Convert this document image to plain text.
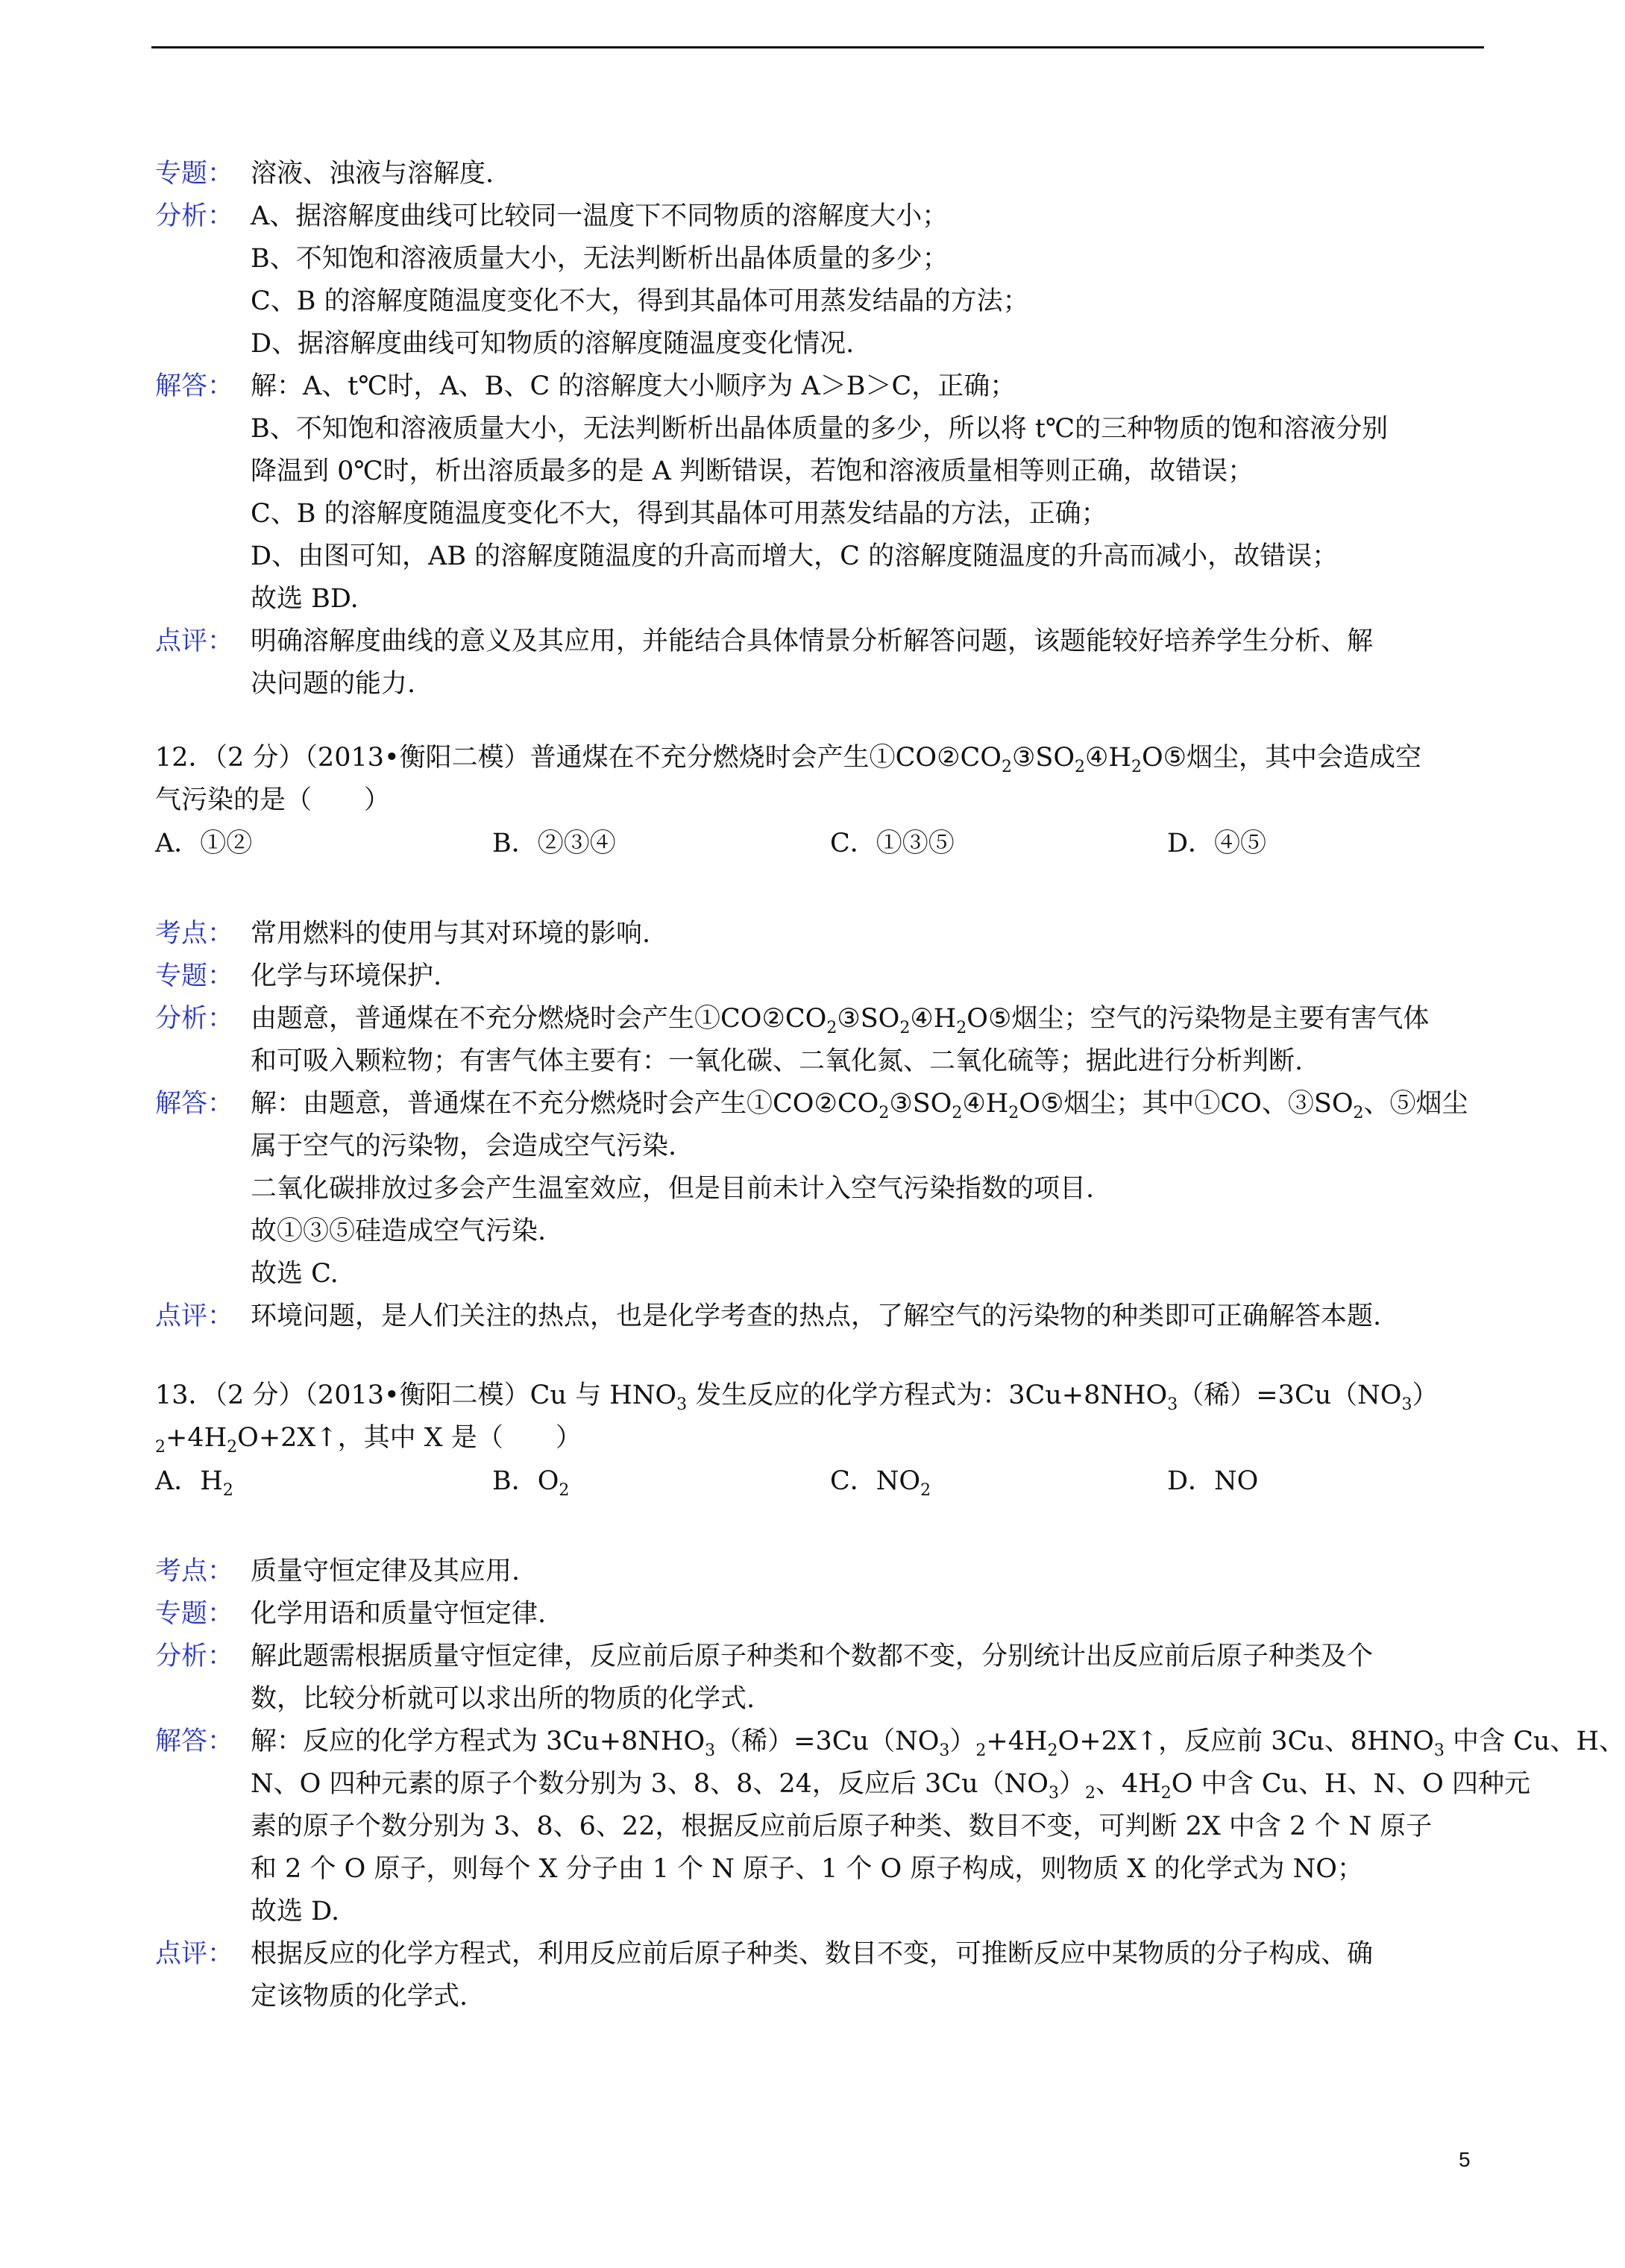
专题： 溶液、浊液与溶解度.
分析： A、据溶解度曲线可比较同一温度下不同物质的溶解度大小；
B、不知饱和溶液质量大小，无法判断析出晶体质量的多少；
C、B 的溶解度随温度变化不大，得到其晶体可用蒸发结晶的方法；
D、据溶解度曲线可知物质的溶解度随温度变化情况.
解答： 解：A、t℃时，A、B、C 的溶解度大小顺序为 A＞B＞C，正确；
B、不知饱和溶液质量大小，无法判断析出晶体质量的多少，所以将 t℃的三种物质的饱和溶液分别
降温到 0℃时，析出溶质最多的是 A 判断错误，若饱和溶液质量相等则正确，故错误；
C、B 的溶解度随温度变化不大，得到其晶体可用蒸发结晶的方法，正确；
D、由图可知，AB 的溶解度随温度的升高而增大，C 的溶解度随温度的升高而减小，故错误；
故选 BD.
点评： 明确溶解度曲线的意义及其应用，并能结合具体情景分析解答问题，该题能较好培养学生分析、解
决问题的能力.
考点： 常用燃料的使用与其对环境的影响.
专题： 化学与环境保护.
分析： 由题意，普通煤在不充分燃烧时会产生$①CO②CO_2③SO_2④H_2O⑤$烟尘；空气的污染物是主要有害气体
和可吸入颗粒物；有害气体主要有：一氧化碳、二氧化氮、二氧化硫等；据此进行分析判断.
解答： 解：由题意，普通煤在不充分燃烧时会产生$①CO②CO_2③SO_2④H_2O⑤$烟尘；其中①CO、$③SO_2$、⑤烟尘
属于空气的污染物，会造成空气污染.
二氧化碳排放过多会产生温室效应，但是目前未计入空气污染指数的项目.
故①③⑤硅造成空气污染.
故选 C.
点评： 环境问题，是人们关注的热点，也是化学考查的热点，了解空气的污染物的种类即可正确解答本题.
考点： 质量守恒定律及其应用.
专题： 化学用语和质量守恒定律.
分析： 解此题需根据质量守恒定律，反应前后原子种类和个数都不变，分别统计出反应前后原子种类及个
数，比较分析就可以求出所的物质的化学式.
解答： 解：反应的化学方程式为 $3Cu+8NHO_3$（稀）$=3Cu(NO_3)_2+4H_2O+2X↑$，反应前 3Cu、$8HNO_3$ 中含 Cu、H、
N、O 四种元素的原子个数分别为 3、8、8、24，反应后 $3Cu(NO_3)_2$、$4H_2O$ 中含 Cu、H、N、O 四种元
素的原子个数分别为 3、8、6、22，根据反应前后原子种类、数目不变，可判断 2X 中含 2 个 N 原子
和 2 个 O 原子，则每个 X 分子由 1 个 N 原子、1 个 O 原子构成，则物质 X 的化学式为 NO；
故选 D.
点评： 根据反应的化学方程式，利用反应前后原子种类、数目不变，可推断反应中某物质的分子构成、确
定该物质的化学式.
12．（2 分）（2013•衡阳二模）普通煤在不充分燃烧时会产生$①CO②CO_2③SO_2④H_2O⑤$烟尘，其中会造成空
气污染的是（　　）
A．①②	B．②③④	C．①③⑤	D．④⑤
13．（2 分）（2013•衡阳二模）Cu 与 $HNO_3$ 发生反应的化学方程式为：$3Cu+8NHO_3$（稀）$=3Cu(NO_3)$
$_2+4H_2O+2X↑$，其中 X 是（　　）
A．$H_2$	B．$O_2$	C．$NO_2$	D．NO
5
